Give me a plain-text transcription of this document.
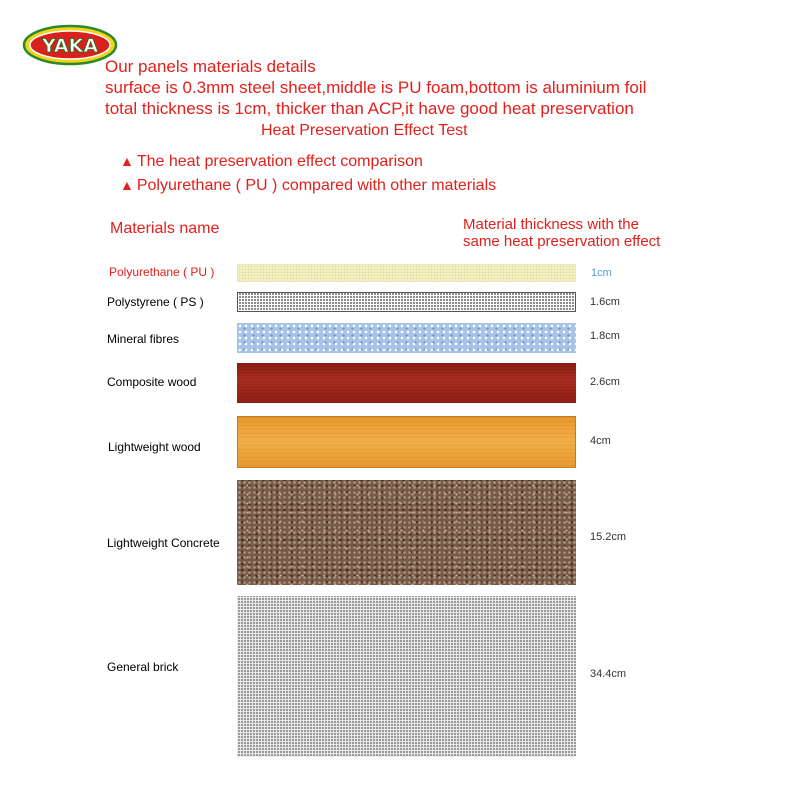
YAKA
Our panels materials details
surface is 0.3mm steel sheet,middle is PU foam,bottom is aluminium foil
total thickness is 1cm, thicker than ACP,it have good heat preservation
Heat Preservation Effect Test
▲ The heat preservation effect comparison
▲ Polyurethane ( PU ) compared with other materials
Materials name	Material thickness with the
same heat preservation effect
Polyurethane ( PU )	1cm
Polystyrene ( PS )	1.6cm
Mineral fibres	1.8cm
Composite wood	2.6cm
Lightweight wood	4cm
Lightweight Concrete	15.2cm
General brick	34.4cm
